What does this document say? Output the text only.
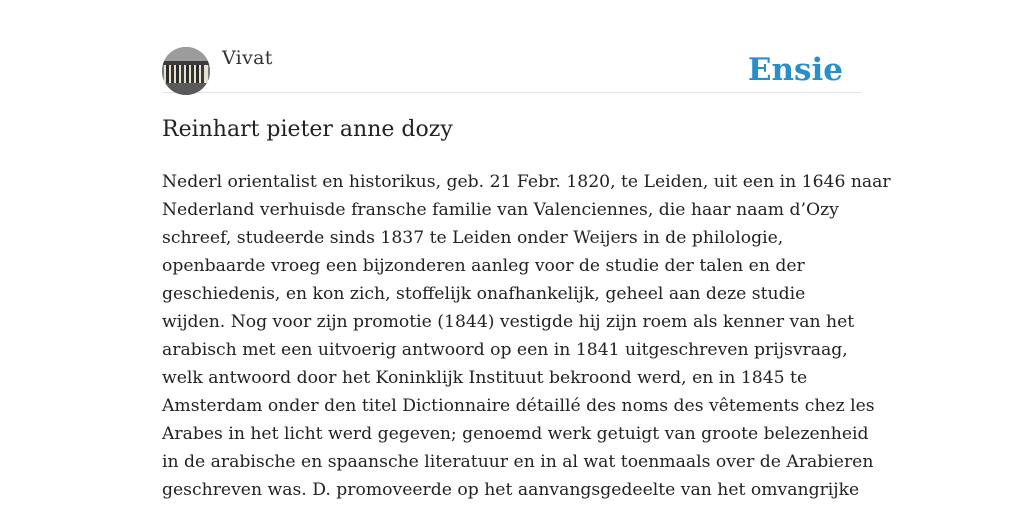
Vivat	Ensie
Reinhart pieter anne dozy
Nederl orientalist en historikus, geb. 21 Febr. 1820, te Leiden, uit een in 1646 naar
Nederland verhuisde fransche familie van Valenciennes, die haar naam d’Ozy
schreef, studeerde sinds 1837 te Leiden onder Weijers in de philologie,
openbaarde vroeg een bijzonderen aanleg voor de studie der talen en der
geschiedenis, en kon zich, stoffelijk onafhankelijk, geheel aan deze studie
wijden. Nog voor zijn promotie (1844) vestigde hij zijn roem als kenner van het
arabisch met een uitvoerig antwoord op een in 1841 uitgeschreven prijsvraag,
welk antwoord door het Koninklijk Instituut bekroond werd, en in 1845 te
Amsterdam onder den titel Dictionnaire détaillé des noms des vêtements chez les
Arabes in het licht werd gegeven; genoemd werk getuigt van groote belezenheid
in de arabische en spaansche literatuur en in al wat toenmaals over de Arabieren
geschreven was. D. promoveerde op het aanvangsgedeelte van het omvangrijke
